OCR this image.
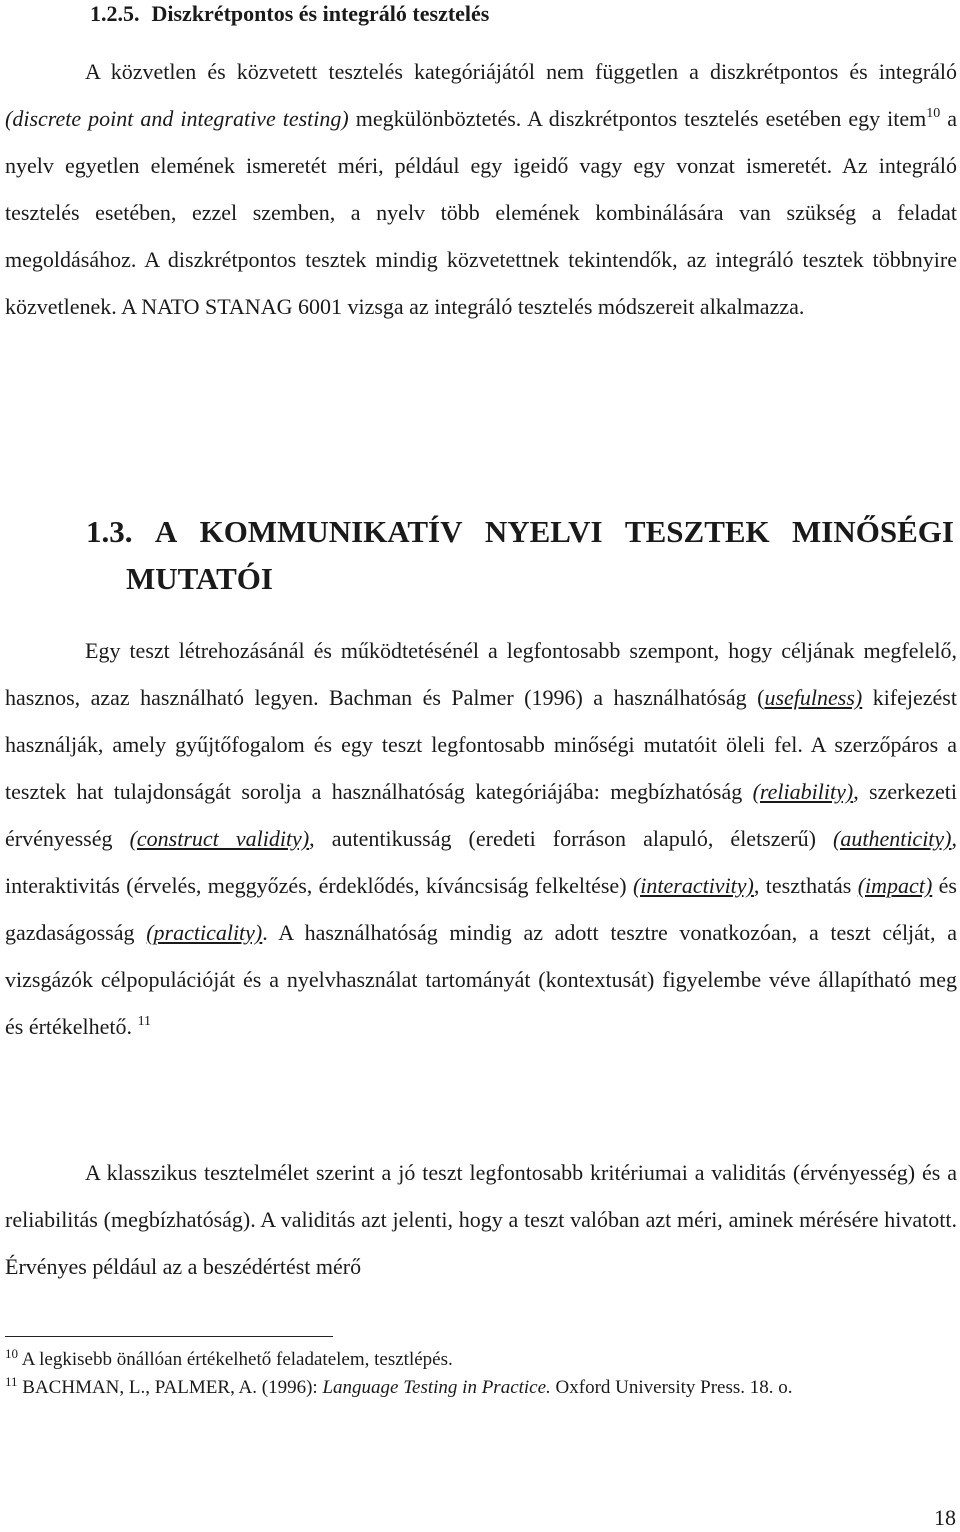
1.2.5. Diszkrétpontos és integráló tesztelés
A közvetlen és közvetett tesztelés kategóriájától nem független a diszkrétpontos és integráló (discrete point and integrative testing) megkülönböztetés. A diszkrétpontos tesztelés esetében egy item$^{10}$ a nyelv egyetlen elemének ismeretét méri, például egy igeidő vagy egy vonzat ismeretét. Az integráló tesztelés esetében, ezzel szemben, a nyelv több elemének kombinálására van szükség a feladat megoldásához. A diszkrétpontos tesztek mindig közvetettnek tekintendők, az integráló tesztek többnyire közvetlenek. A NATO STANAG 6001 vizsga az integráló tesztelés módszereit alkalmazza.
1.3. A KOMMUNIKATÍV NYELVI TESZTEK MINŐSÉGI
MUTATÓI
Egy teszt létrehozásánál és működtetésénél a legfontosabb szempont, hogy céljának megfelelő, hasznos, azaz használható legyen. Bachman és Palmer (1996) a használhatóság (usefulness) kifejezést használják, amely gyűjtőfogalom és egy teszt legfontosabb minőségi mutatóit öleli fel. A szerzőpáros a tesztek hat tulajdonságát sorolja a használhatóság kategóriájába: megbízhatóság (reliability), szerkezeti érvényesség (construct validity), autentikusság (eredeti forráson alapuló, életszerű) (authenticity), interaktivitás (érvelés, meggyőzés, érdeklődés, kíváncsiság felkeltése) (interactivity), teszthatás (impact) és gazdaságosság (practicality). A használhatóság mindig az adott tesztre vonatkozóan, a teszt célját, a vizsgázók célpopulációját és a nyelvhasználat tartományát (kontextusát) figyelembe véve állapítható meg és értékelhető. $^{11}$
A klasszikus tesztelmélet szerint a jó teszt legfontosabb kritériumai a validitás (érvényesség) és a reliabilitás (megbízhatóság). A validitás azt jelenti, hogy a teszt valóban azt méri, aminek mérésére hivatott. Érvényes például az a beszédértést mérő
$^{10}$ A legkisebb önállóan értékelhető feladatelem, tesztlépés.
$^{11}$ BACHMAN, L., PALMER, A. (1996): Language Testing in Practice. Oxford University Press. 18. o.
18
